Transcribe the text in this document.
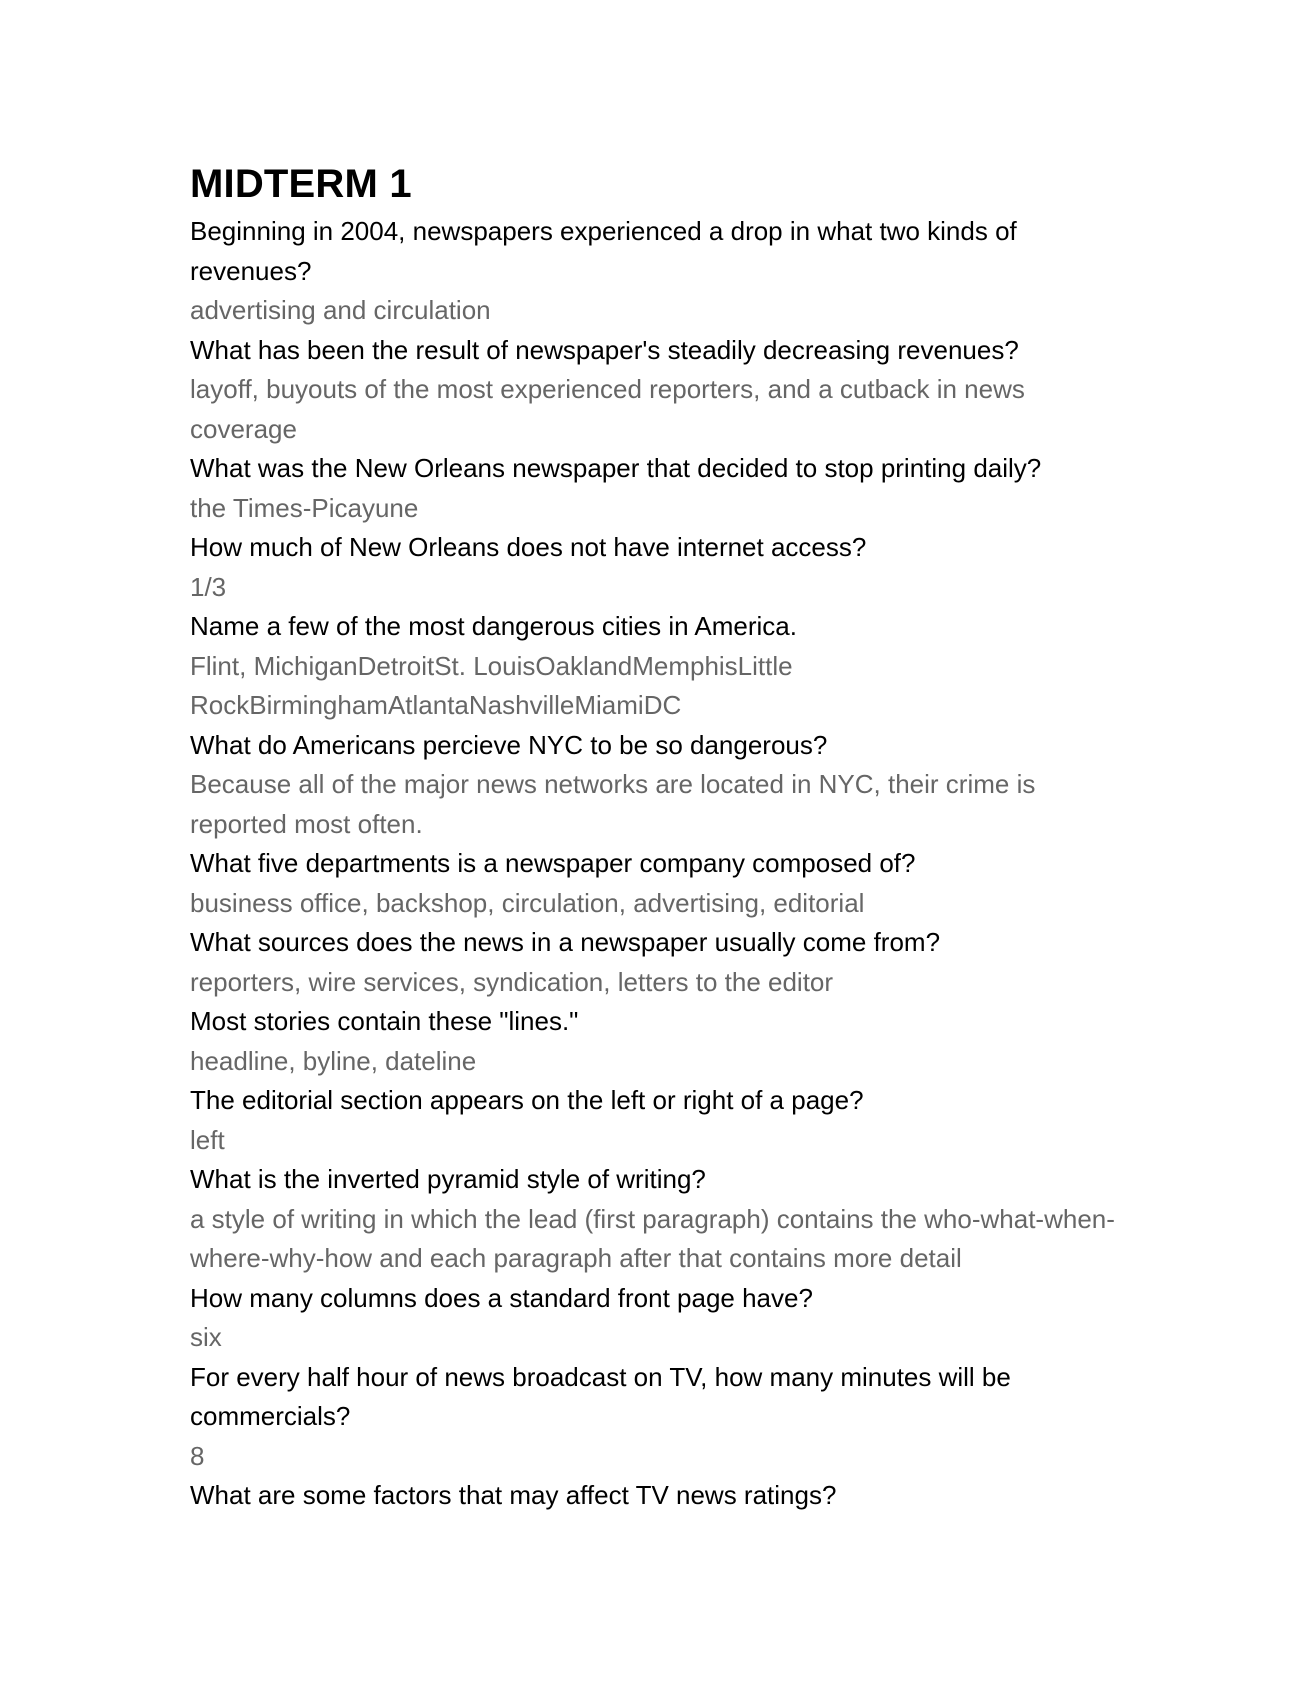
MIDTERM 1

Beginning in 2004, newspapers experienced a drop in what two kinds of revenues?

advertising and circulation

What has been the result of newspaper's steadily decreasing revenues?

layoff, buyouts of the most experienced reporters, and a cutback in news coverage

What was the New Orleans newspaper that decided to stop printing daily?

the Times-Picayune

How much of New Orleans does not have internet access?

1/3

Name a few of the most dangerous cities in America.

Flint, MichiganDetroitSt. LouisOaklandMemphisLittle RockBirminghamAtlantaNashvilleMiamiDC

What do Americans percieve NYC to be so dangerous?

Because all of the major news networks are located in NYC, their crime is reported most often.

What five departments is a newspaper company composed of?

business office, backshop, circulation, advertising, editorial

What sources does the news in a newspaper usually come from?

reporters, wire services, syndication, letters to the editor

Most stories contain these "lines."

headline, byline, dateline

The editorial section appears on the left or right of a page?

left

What is the inverted pyramid style of writing?

a style of writing in which the lead (first paragraph) contains the who-what-when-where-why-how and each paragraph after that contains more detail

How many columns does a standard front page have?

six

For every half hour of news broadcast on TV, how many minutes will be commercials?

8

What are some factors that may affect TV news ratings?
